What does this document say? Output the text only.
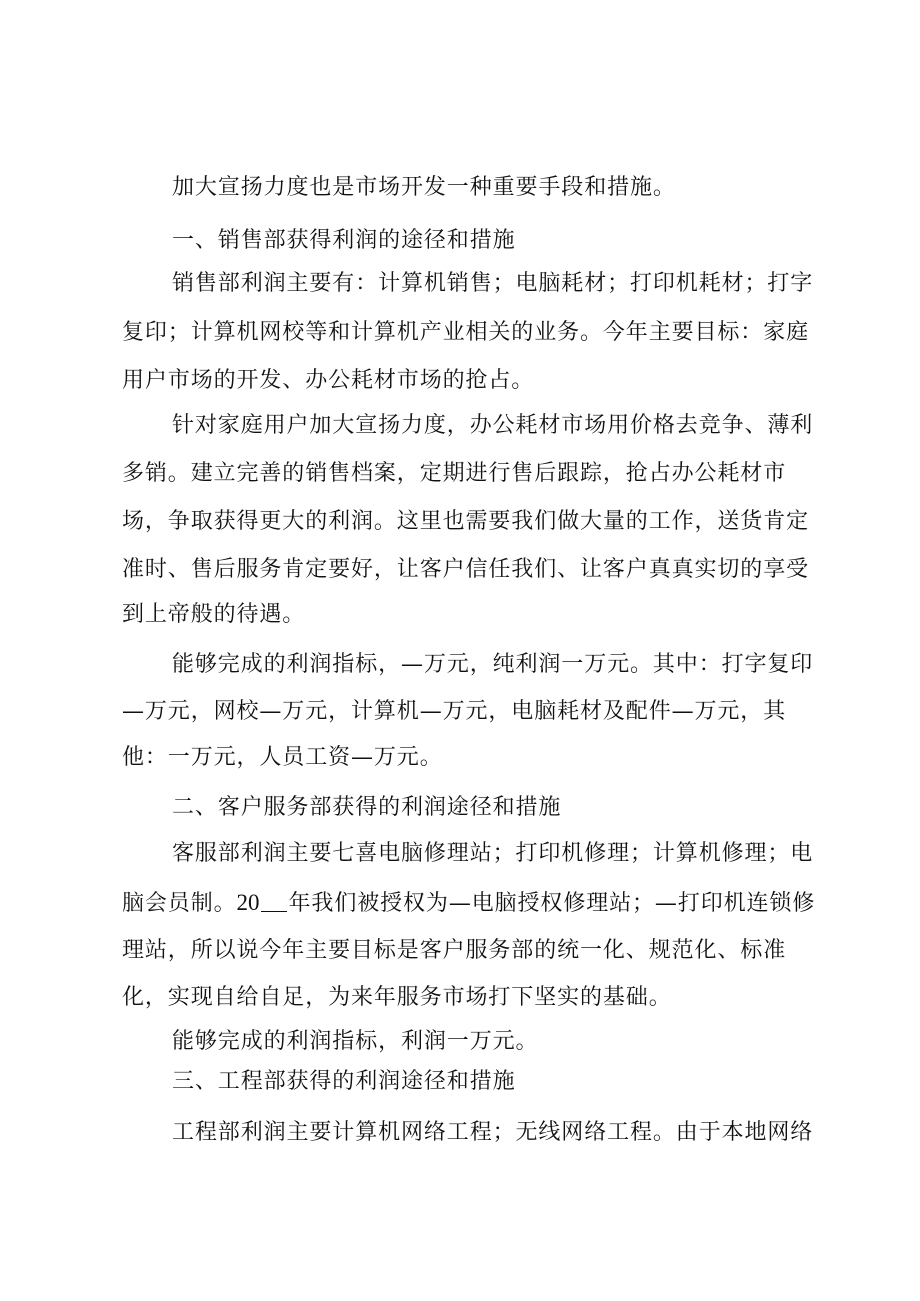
加大宣扬力度也是市场开发一种重要手段和措施。
一、销售部获得利润的途径和措施
销售部利润主要有：计算机销售；电脑耗材；打印机耗材；打字
复印；计算机网校等和计算机产业相关的业务。今年主要目标：家庭
用户市场的开发、办公耗材市场的抢占。
针对家庭用户加大宣扬力度，办公耗材市场用价格去竞争、薄利
多销。建立完善的销售档案，定期进行售后跟踪，抢占办公耗材市
场，争取获得更大的利润。这里也需要我们做大量的工作，送货肯定
准时、售后服务肯定要好，让客户信任我们、让客户真真实切的享受
到上帝般的待遇。
能够完成的利润指标，—万元，纯利润一万元。其中：打字复印
—万元，网校—万元，计算机—万元，电脑耗材及配件—万元，其
他：一万元，人员工资—万元。
二、客户服务部获得的利润途径和措施
客服部利润主要七喜电脑修理站；打印机修理；计算机修理；电
脑会员制。20 年我们被授权为—电脑授权修理站；—打印机连锁修
理站，所以说今年主要目标是客户服务部的统一化、规范化、标准
化，实现自给自足，为来年服务市场打下坚实的基础。
能够完成的利润指标，利润一万元。
三、工程部获得的利润途径和措施
工程部利润主要计算机网络工程；无线网络工程。由于本地网络
